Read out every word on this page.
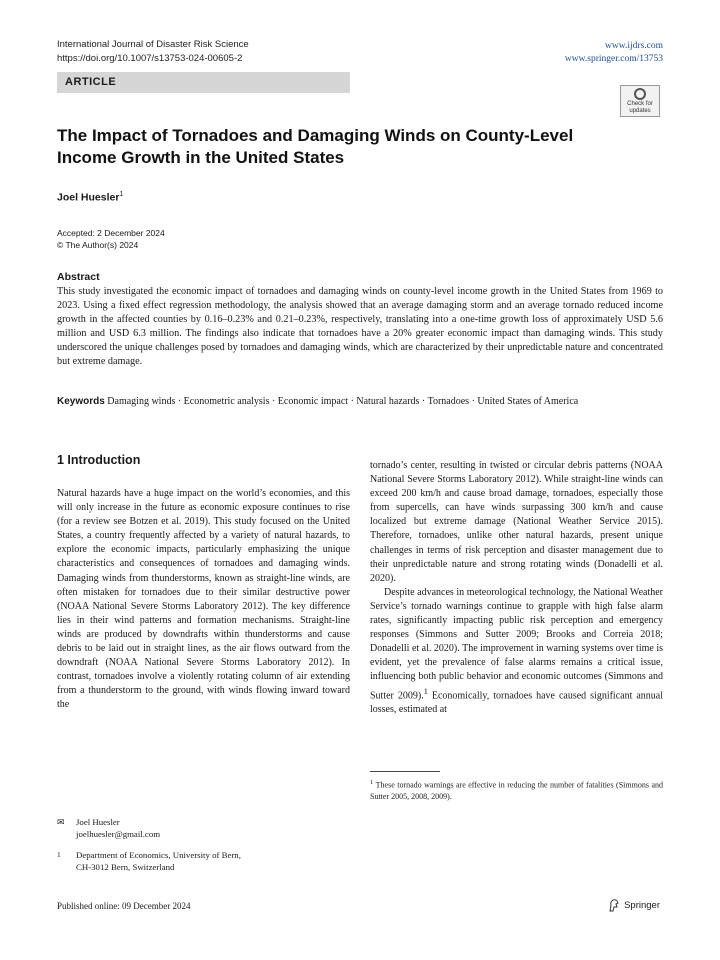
International Journal of Disaster Risk Science
https://doi.org/10.1007/s13753-024-00605-2
www.ijdrs.com
www.springer.com/13753
ARTICLE
Check for updates
The Impact of Tornadoes and Damaging Winds on County-Level Income Growth in the United States
Joel Huesler$^1$
Accepted: 2 December 2024
© The Author(s) 2024
Abstract
This study investigated the economic impact of tornadoes and damaging winds on county-level income growth in the United States from 1969 to 2023. Using a fixed effect regression methodology, the analysis showed that an average damaging storm and an average tornado reduced income growth in the affected counties by 0.16–0.23% and 0.21–0.23%, respectively, translating into a one-time growth loss of approximately USD 5.6 million and USD 6.3 million. The findings also indicate that tornadoes have a 20% greater economic impact than damaging winds. This study underscored the unique challenges posed by tornadoes and damaging winds, which are characterized by their unpredictable nature and concentrated but extreme damage.
Keywords Damaging winds · Econometric analysis · Economic impact · Natural hazards · Tornadoes · United States of America
1 Introduction

Natural hazards have a huge impact on the world’s economies, and this will only increase in the future as economic exposure continues to rise (for a review see Botzen et al. 2019). This study focused on the United States, a country frequently affected by a variety of natural hazards, to explore the economic impacts, particularly emphasizing the unique characteristics and consequences of tornadoes and damaging winds. Damaging winds from thunderstorms, known as straight-line winds, are often mistaken for tornadoes due to their similar destructive power (NOAA National Severe Storms Laboratory 2012). The key difference lies in their wind patterns and formation mechanisms. Straight-line winds are produced by downdrafts within thunderstorms and cause debris to be laid out in straight lines, as the air flows outward from the downdraft (NOAA National Severe Storms Laboratory 2012). In contrast, tornadoes involve a violently rotating column of air extending from a thunderstorm to the ground, with winds flowing inward toward the

tornado’s center, resulting in twisted or circular debris patterns (NOAA National Severe Storms Laboratory 2012). While straight-line winds can exceed 200 km/h and cause broad damage, tornadoes, especially those from supercells, can have winds surpassing 300 km/h and cause localized but extreme damage (National Weather Service 2015). Therefore, tornadoes, unlike other natural hazards, present unique challenges in terms of risk perception and disaster management due to their unpredictable nature and strong rotating winds (Donadelli et al. 2020).

Despite advances in meteorological technology, the National Weather Service’s tornado warnings continue to grapple with high false alarm rates, significantly impacting public risk perception and emergency responses (Simmons and Sutter 2009; Brooks and Correia 2018; Donadelli et al. 2020). The improvement in warning systems over time is evident, yet the prevalence of false alarms remains a critical issue, influencing both public behavior and economic outcomes (Simmons and Sutter 2009).$^1$ Economically, tornadoes have caused significant annual losses, estimated at

$^1$ These tornado warnings are effective in reducing the number of fatalities (Simmons and Sutter 2005, 2008, 2009).
✉	Joel Huesler
joelhuesler@gmail.com
$^1$	Department of Economics, University of Bern,
CH-3012 Bern, Switzerland
Published online: 09 December 2024	Springer
